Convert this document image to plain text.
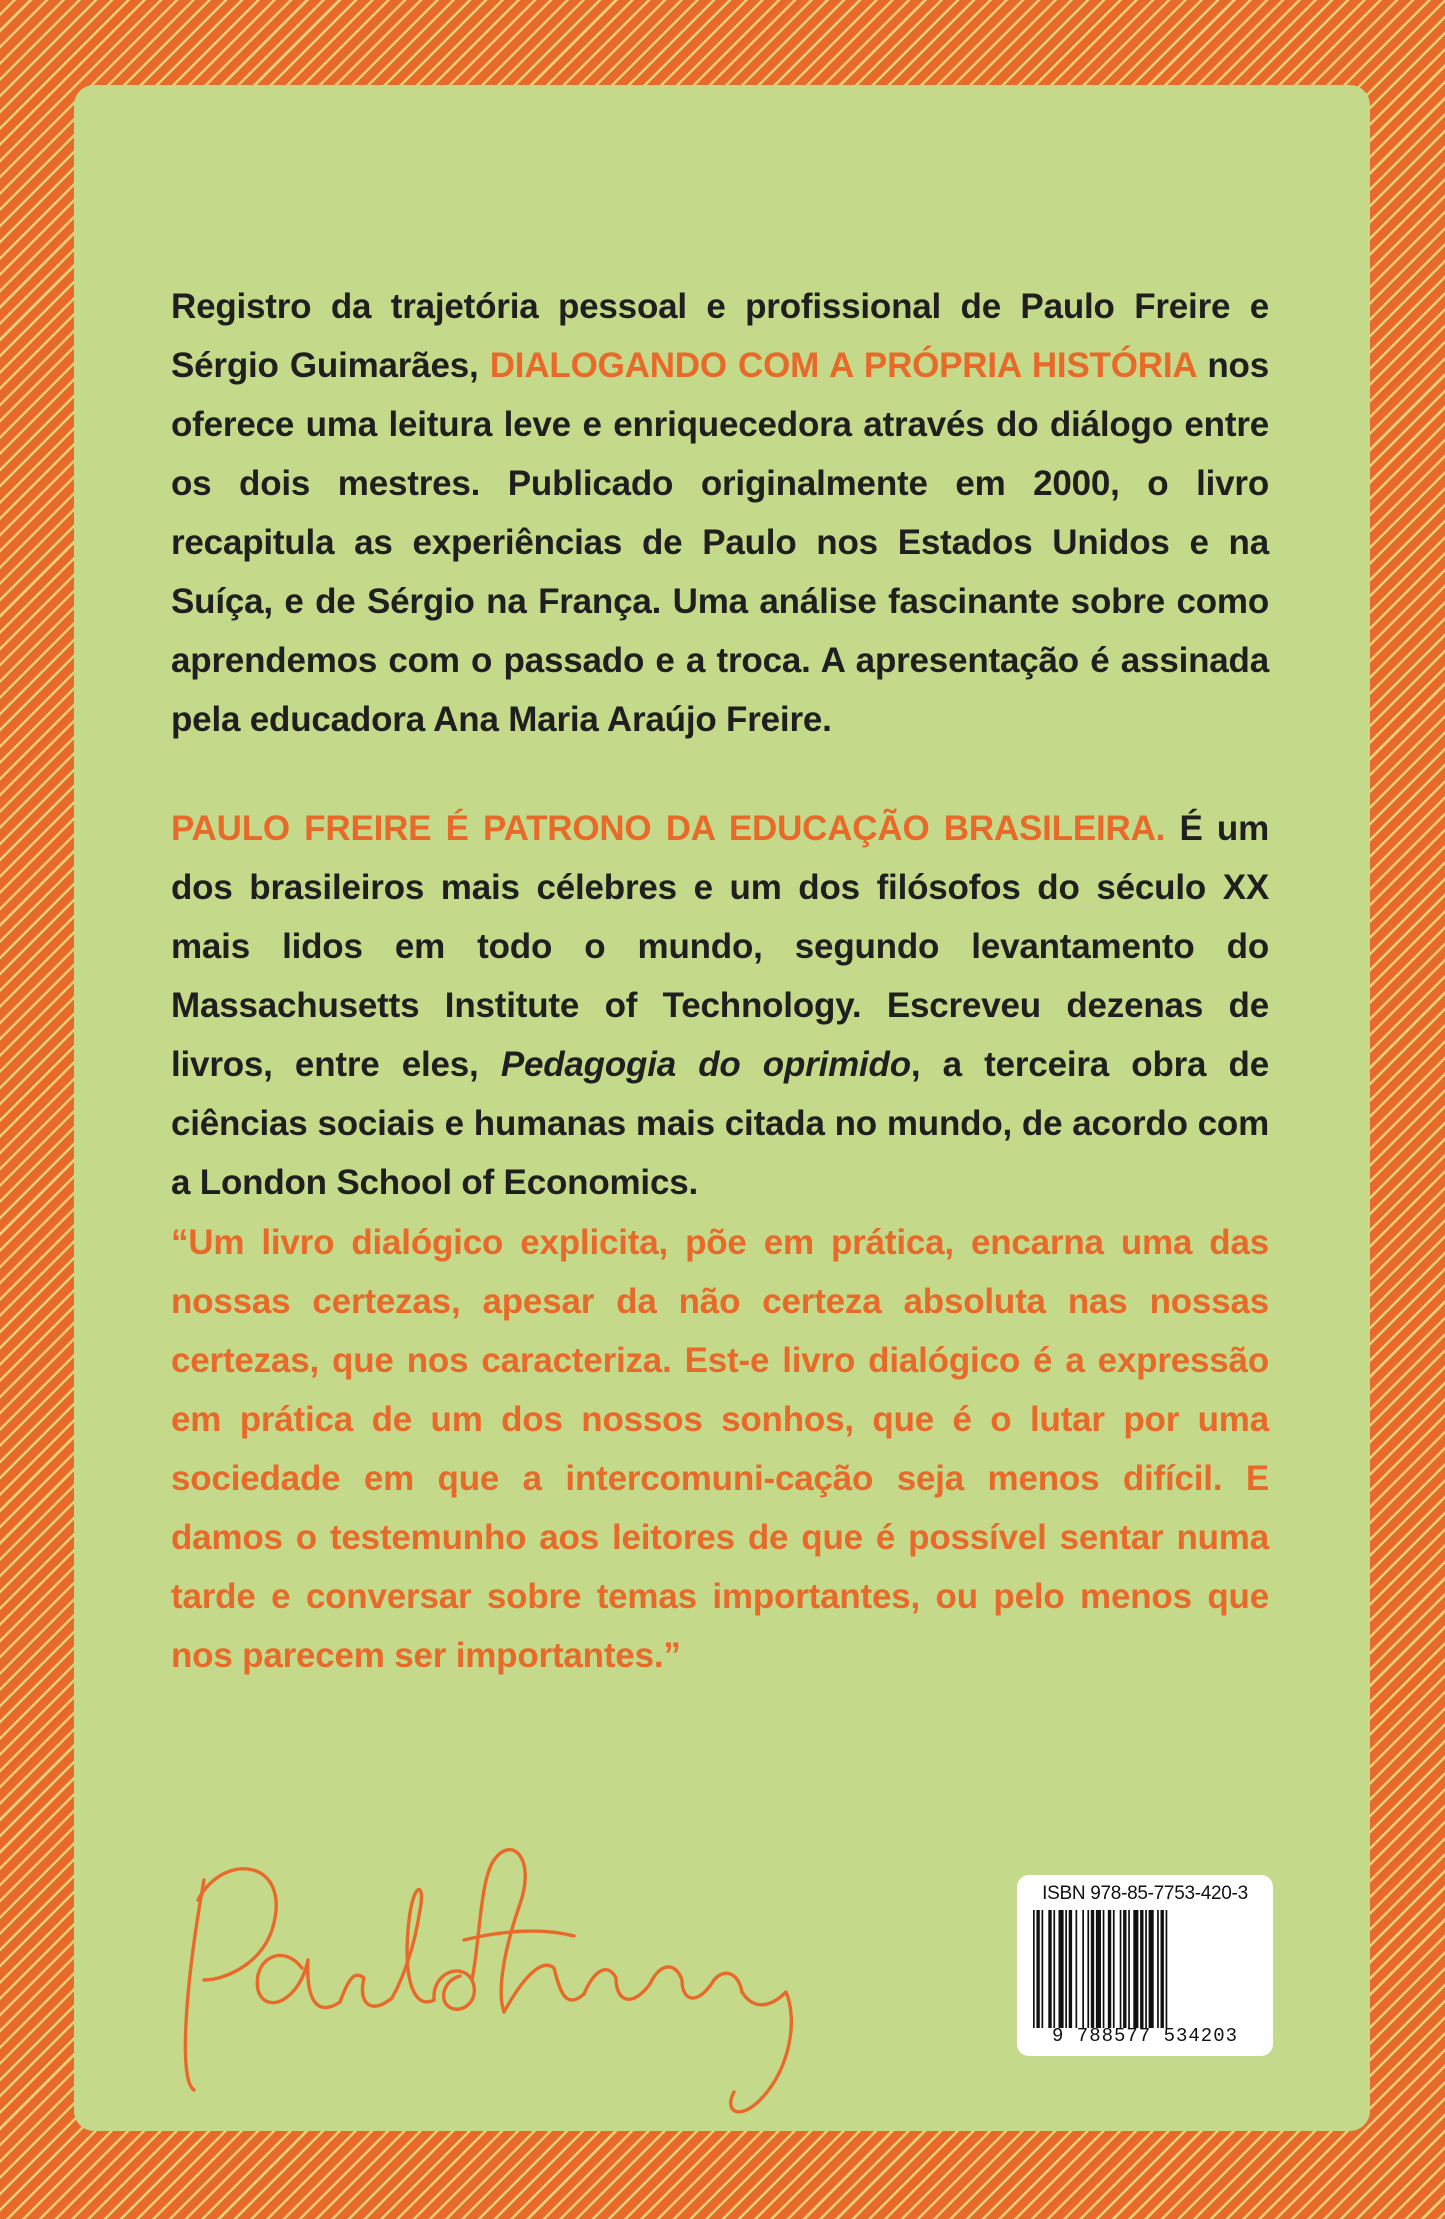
Registro da trajetória pessoal e profissional de Paulo Freire e Sérgio Guimarães, DIALOGANDO COM A PRÓPRIA HISTÓRIA nos oferece uma leitura leve e enriquecedora através do diálogo entre os dois mestres. Publicado originalmente em 2000, o livro recapitula as experiências de Paulo nos Estados Unidos e na Suíça, e de Sérgio na França. Uma análise fascinante sobre como aprendemos com o passado e a troca. A apresentação é assinada pela educadora Ana Maria Araújo Freire.

PAULO FREIRE É PATRONO DA EDUCAÇÃO BRASILEIRA. É um dos brasileiros mais célebres e um dos filósofos do século XX mais lidos em todo o mundo, segundo levantamento do Massachusetts Institute of Technology. Escreveu dezenas de livros, entre eles, Pedagogia do oprimido, a terceira obra de ciências sociais e humanas mais citada no mundo, de acordo com a London School of Economics.

“Um livro dialógico explicita, põe em prática, encarna uma das nossas certezas, apesar da não certeza absoluta nas nossas certezas, que nos caracteriza. Est-e livro dialógico é a expressão em prática de um dos nossos sonhos, que é o lutar por uma sociedade em que a intercomuni-cação seja menos difícil. E damos o testemunho aos leitores de que é possível sentar numa tarde e conversar sobre temas importantes, ou pelo menos que nos parecem ser importantes.”

ISBN 978-85-7753-420-3
9 788577 534203
